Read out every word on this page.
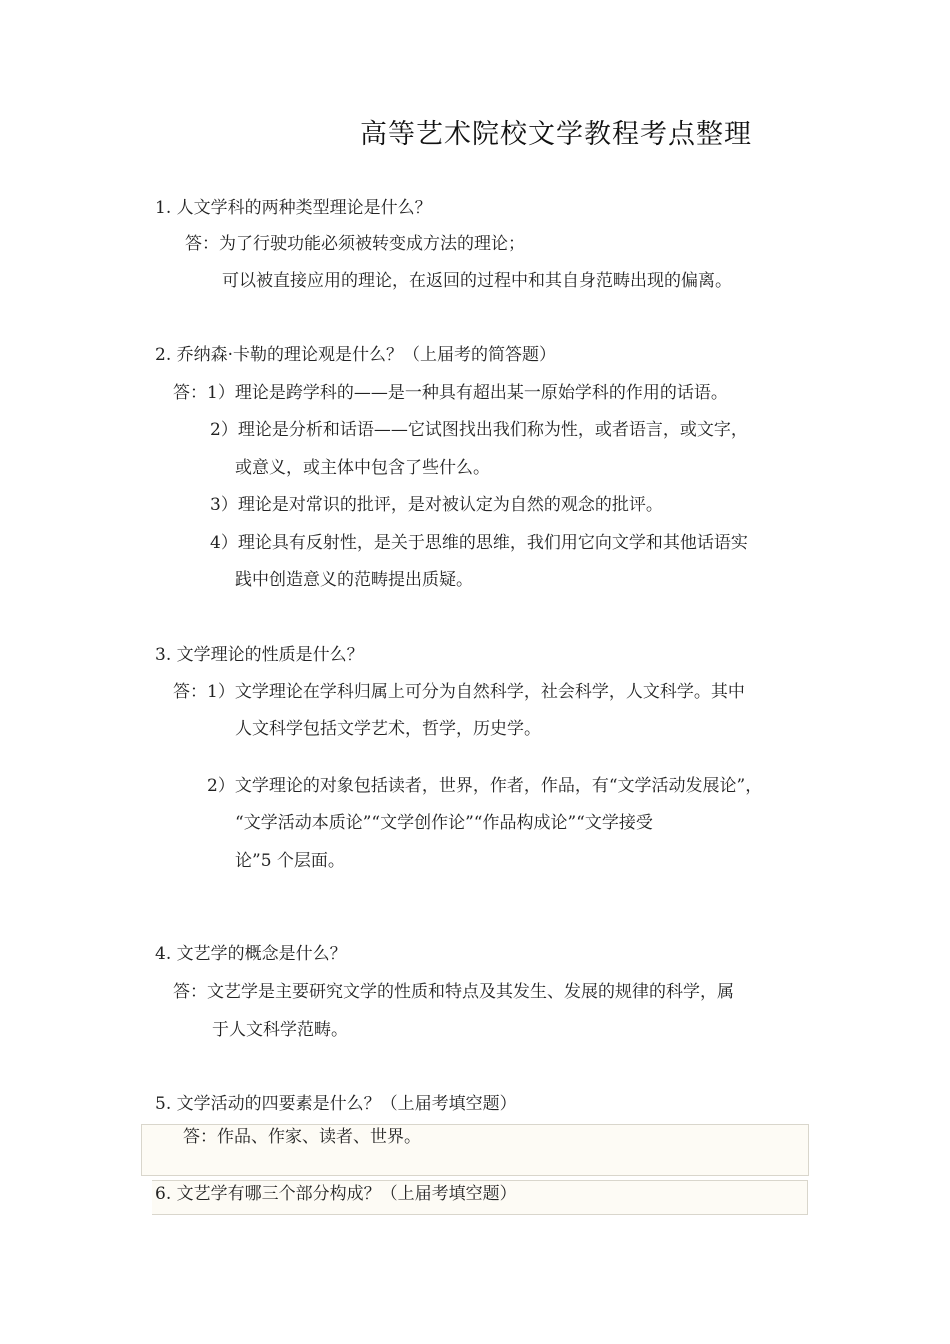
高等艺术院校文学教程考点整理
1. 人文学科的两种类型理论是什么？
答：为了行驶功能必须被转变成方法的理论；
可以被直接应用的理论，在返回的过程中和其自身范畴出现的偏离。
2. 乔纳森·卡勒的理论观是什么？（上届考的简答题）
答：1）理论是跨学科的——是一种具有超出某一原始学科的作用的话语。
2）理论是分析和话语——它试图找出我们称为性，或者语言，或文字，
或意义，或主体中包含了些什么。
3）理论是对常识的批评，是对被认定为自然的观念的批评。
4）理论具有反射性，是关于思维的思维，我们用它向文学和其他话语实
践中创造意义的范畴提出质疑。
3. 文学理论的性质是什么？
答：1）文学理论在学科归属上可分为自然科学，社会科学，人文科学。其中
人文科学包括文学艺术，哲学，历史学。
2）文学理论的对象包括读者，世界，作者，作品，有“文学活动发展论”，
“文学活动本质论”“文学创作论”“作品构成论”“文学接受
论”5 个层面。
4. 文艺学的概念是什么？
答：文艺学是主要研究文学的性质和特点及其发生、发展的规律的科学，属
于人文科学范畴。
5. 文学活动的四要素是什么？（上届考填空题）
答：作品、作家、读者、世界。
6. 文艺学有哪三个部分构成？（上届考填空题）
